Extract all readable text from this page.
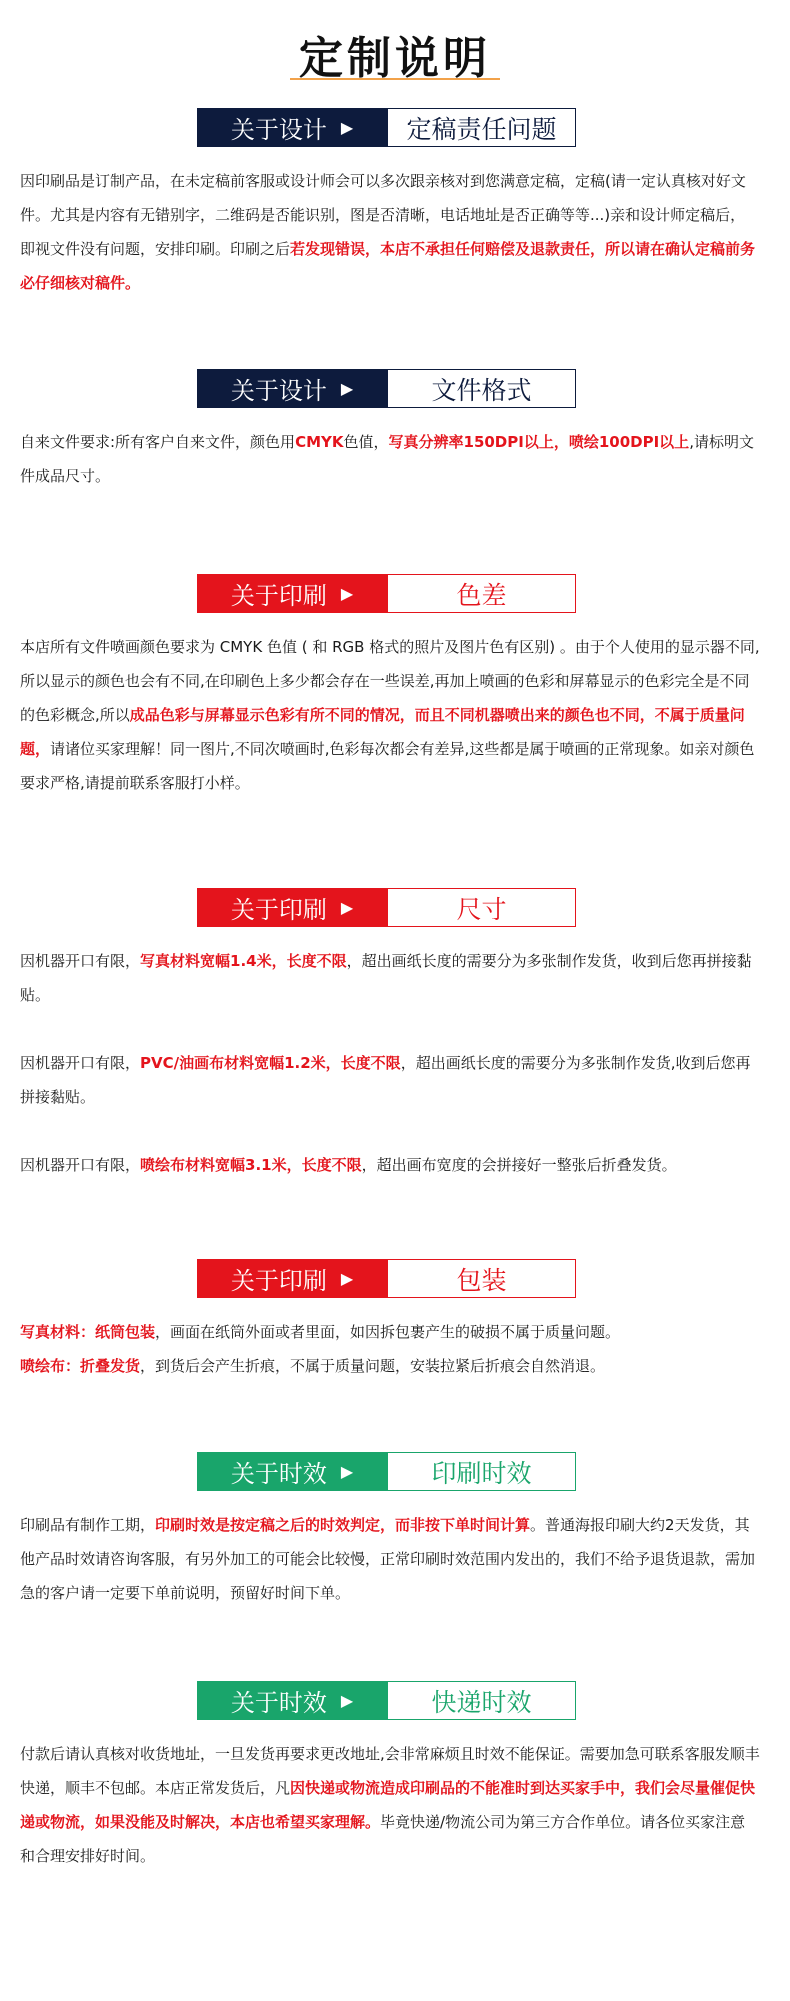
定制说明
关于设计 ▶	定稿责任问题

因印刷品是订制产品，在未定稿前客服或设计师会可以多次跟亲核对到您满意定稿，定稿(请一定认真核对好文件。尤其是内容有无错别字，二维码是否能识别，图是否清晰，电话地址是否正确等等...)亲和设计师定稿后，即视文件没有问题，安排印刷。印刷之后若发现错误，本店不承担任何赔偿及退款责任，所以请在确认定稿前务必仔细核对稿件。

关于设计 ▶	文件格式

自来文件要求:所有客户自来文件，颜色用CMYK色值，写真分辨率150DPI以上，喷绘100DPI以上,请标明文件成品尺寸。

关于印刷 ▶	色差

本店所有文件喷画颜色要求为 CMYK 色值 ( 和 RGB 格式的照片及图片色有区别) 。由于个人使用的显示器不同,所以显示的颜色也会有不同,在印刷色上多少都会存在一些误差,再加上喷画的色彩和屏幕显示的色彩完全是不同的色彩概念,所以成品色彩与屏幕显示色彩有所不同的情况，而且不同机器喷出来的颜色也不同，不属于质量问题，请诸位买家理解！同一图片,不同次喷画时,色彩每次都会有差异,这些都是属于喷画的正常现象。如亲对颜色要求严格,请提前联系客服打小样。

关于印刷 ▶	尺寸

因机器开口有限，写真材料宽幅1.4米，长度不限，超出画纸长度的需要分为多张制作发货，收到后您再拼接黏贴。

因机器开口有限，PVC/油画布材料宽幅1.2米，长度不限，超出画纸长度的需要分为多张制作发货,收到后您再拼接黏贴。

因机器开口有限，喷绘布材料宽幅3.1米，长度不限，超出画布宽度的会拼接好一整张后折叠发货。

关于印刷 ▶	包装

写真材料：纸筒包装，画面在纸筒外面或者里面，如因拆包裹产生的破损不属于质量问题。

喷绘布：折叠发货，到货后会产生折痕，不属于质量问题，安装拉紧后折痕会自然消退。

关于时效 ▶	印刷时效

印刷品有制作工期，印刷时效是按定稿之后的时效判定，而非按下单时间计算。普通海报印刷大约2天发货，其他产品时效请咨询客服，有另外加工的可能会比较慢，正常印刷时效范围内发出的，我们不给予退货退款，需加急的客户请一定要下单前说明，预留好时间下单。

关于时效 ▶	快递时效

付款后请认真核对收货地址，一旦发货再要求更改地址,会非常麻烦且时效不能保证。需要加急可联系客服发顺丰快递，顺丰不包邮。本店正常发货后，凡因快递或物流造成印刷品的不能准时到达买家手中，我们会尽量催促快递或物流，如果没能及时解决，本店也希望买家理解。毕竟快递/物流公司为第三方合作单位。请各位买家注意和合理安排好时间。
